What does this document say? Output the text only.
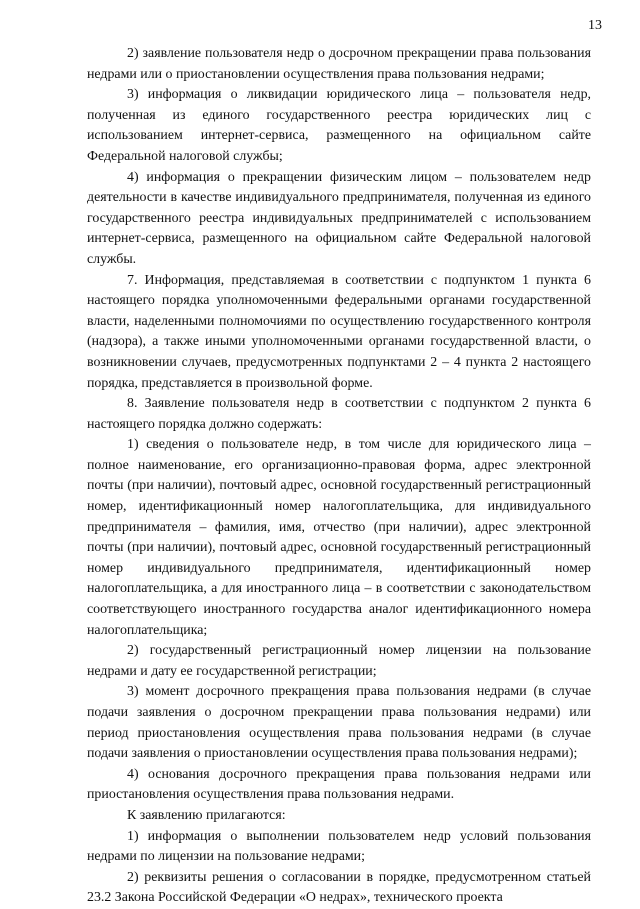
13

2) заявление пользователя недр о досрочном прекращении права пользования недрами или о приостановлении осуществления права пользования недрами;

3) информация о ликвидации юридического лица – пользователя недр, полученная из единого государственного реестра юридических лиц с использованием интернет-сервиса, размещенного на официальном сайте Федеральной налоговой службы;

4) информация о прекращении физическим лицом – пользователем недр деятельности в качестве индивидуального предпринимателя, полученная из единого государственного реестра индивидуальных предпринимателей с использованием интернет-сервиса, размещенного на официальном сайте Федеральной налоговой службы.

7. Информация, представляемая в соответствии с подпунктом 1 пункта 6 настоящего порядка уполномоченными федеральными органами государственной власти, наделенными полномочиями по осуществлению государственного контроля (надзора), а также иными уполномоченными органами государственной власти, о возникновении случаев, предусмотренных подпунктами 2 – 4 пункта 2 настоящего порядка, представляется в произвольной форме.

8. Заявление пользователя недр в соответствии с подпунктом 2 пункта 6 настоящего порядка должно содержать:

1) сведения о пользователе недр, в том числе для юридического лица – полное наименование, его организационно-правовая форма, адрес электронной почты (при наличии), почтовый адрес, основной государственный регистрационный номер, идентификационный номер налогоплательщика, для индивидуального предпринимателя – фамилия, имя, отчество (при наличии), адрес электронной почты (при наличии), почтовый адрес, основной государственный регистрационный номер индивидуального предпринимателя, идентификационный номер налогоплательщика, а для иностранного лица – в соответствии с законодательством соответствующего иностранного государства аналог идентификационного номера налогоплательщика;

2) государственный регистрационный номер лицензии на пользование недрами и дату ее государственной регистрации;

3) момент досрочного прекращения права пользования недрами (в случае подачи заявления о досрочном прекращении права пользования недрами) или период приостановления осуществления права пользования недрами (в случае подачи заявления о приостановлении осуществления права пользования недрами);

4) основания досрочного прекращения права пользования недрами или приостановления осуществления права пользования недрами.

К заявлению прилагаются:

1) информация о выполнении пользователем недр условий пользования недрами по лицензии на пользование недрами;

2) реквизиты решения о согласовании в порядке, предусмотренном статьей 23.2 Закона Российской Федерации «О недрах», технического проекта
